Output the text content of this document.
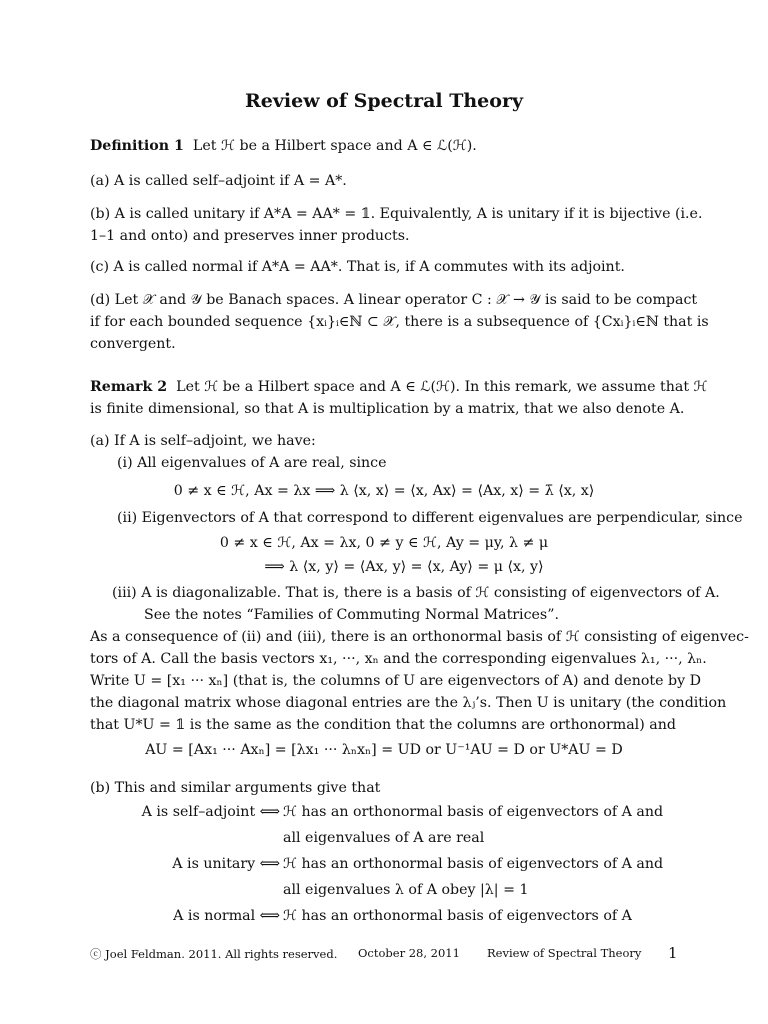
Review of Spectral Theory
Definition 1 Let ℋ be a Hilbert space and A ∈ ℒ(ℋ).
(a) A is called self–adjoint if A = A*.
(b) A is called unitary if A*A = AA* = 𝟙. Equivalently, A is unitary if it is bijective (i.e.
1–1 and onto) and preserves inner products.
(c) A is called normal if A*A = AA*. That is, if A commutes with its adjoint.
(d) Let 𝒳 and 𝒴 be Banach spaces. A linear operator C : 𝒳 → 𝒴 is said to be compact
if for each bounded sequence {xᵢ}ᵢ∈ℕ ⊂ 𝒳, there is a subsequence of {Cxᵢ}ᵢ∈ℕ that is
convergent.
Remark 2 Let ℋ be a Hilbert space and A ∈ ℒ(ℋ). In this remark, we assume that ℋ
is finite dimensional, so that A is multiplication by a matrix, that we also denote A.
(a) If A is self–adjoint, we have:
(i) All eigenvalues of A are real, since
0 ≠ x ∈ ℋ, Ax = λx ⟹ λ ⟨x, x⟩ = ⟨x, Ax⟩ = ⟨Ax, x⟩ = λ̄ ⟨x, x⟩
(ii) Eigenvectors of A that correspond to different eigenvalues are perpendicular, since
0 ≠ x ∈ ℋ, Ax = λx, 0 ≠ y ∈ ℋ, Ay = μy, λ ≠ μ
⟹ λ ⟨x, y⟩ = ⟨Ax, y⟩ = ⟨x, Ay⟩ = μ ⟨x, y⟩
(iii) A is diagonalizable. That is, there is a basis of ℋ consisting of eigenvectors of A.
See the notes “Families of Commuting Normal Matrices”.
As a consequence of (ii) and (iii), there is an orthonormal basis of ℋ consisting of eigenvec-
tors of A. Call the basis vectors x₁, ···, xₙ and the corresponding eigenvalues λ₁, ···, λₙ.
Write U = [x₁ ··· xₙ] (that is, the columns of U are eigenvectors of A) and denote by D
the diagonal matrix whose diagonal entries are the λⱼ’s. Then U is unitary (the condition
that U*U = 𝟙 is the same as the condition that the columns are orthonormal) and
AU = [Ax₁ ··· Axₙ] = [λx₁ ··· λₙxₙ] = UD or U⁻¹AU = D or U*AU = D
(b) This and similar arguments give that
A is self–adjoint ⟺ ℋ has an orthonormal basis of eigenvectors of A and
all eigenvalues of A are real
A is unitary ⟺ ℋ has an orthonormal basis of eigenvectors of A and
all eigenvalues λ of A obey |λ| = 1
A is normal ⟺ ℋ has an orthonormal basis of eigenvectors of A
ⓒ Joel Feldman. 2011. All rights reserved. October 28, 2011 Review of Spectral Theory 1
